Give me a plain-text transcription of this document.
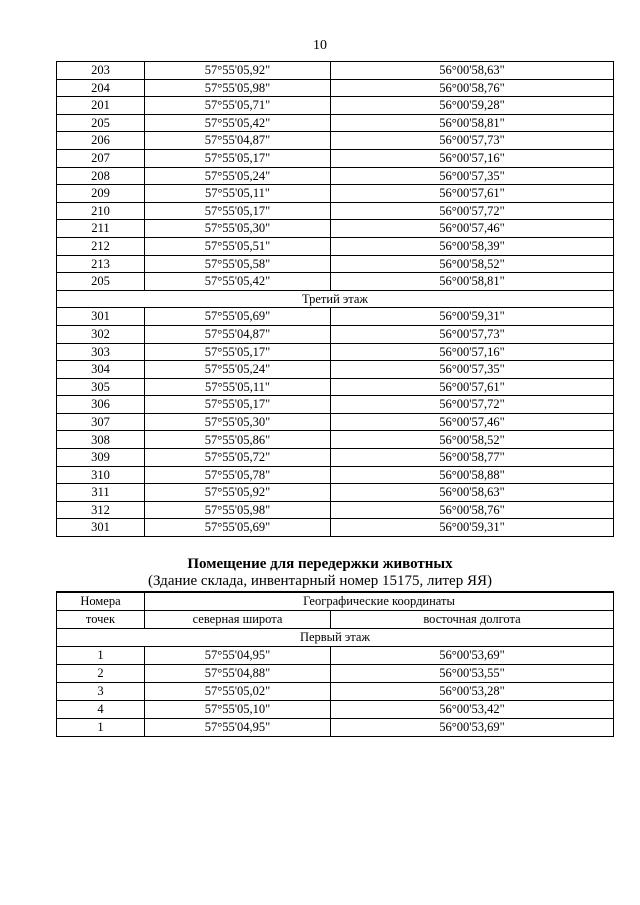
10
203	57°55'05,92"	56°00'58,63"
204	57°55'05,98"	56°00'58,76"
201	57°55'05,71"	56°00'59,28"
205	57°55'05,42"	56°00'58,81"
206	57°55'04,87"	56°00'57,73"
207	57°55'05,17"	56°00'57,16"
208	57°55'05,24"	56°00'57,35"
209	57°55'05,11"	56°00'57,61"
210	57°55'05,17"	56°00'57,72"
211	57°55'05,30"	56°00'57,46"
212	57°55'05,51"	56°00'58,39"
213	57°55'05,58"	56°00'58,52"
205	57°55'05,42"	56°00'58,81"
Третий этаж		
301	57°55'05,69"	56°00'59,31"
302	57°55'04,87"	56°00'57,73"
303	57°55'05,17"	56°00'57,16"
304	57°55'05,24"	56°00'57,35"
305	57°55'05,11"	56°00'57,61"
306	57°55'05,17"	56°00'57,72"
307	57°55'05,30"	56°00'57,46"
308	57°55'05,86"	56°00'58,52"
309	57°55'05,72"	56°00'58,77"
310	57°55'05,78"	56°00'58,88"
311	57°55'05,92"	56°00'58,63"
312	57°55'05,98"	56°00'58,76"
301	57°55'05,69"	56°00'59,31"
Помещение для передержки животных
(Здание склада, инвентарный номер 15175, литер ЯЯ)
Номера	Географические координаты	
точек	северная широта	восточная долгота
Первый этаж		
1	57°55'04,95"	56°00'53,69"
2	57°55'04,88"	56°00'53,55"
3	57°55'05,02"	56°00'53,28"
4	57°55'05,10"	56°00'53,42"
1	57°55'04,95"	56°00'53,69"
